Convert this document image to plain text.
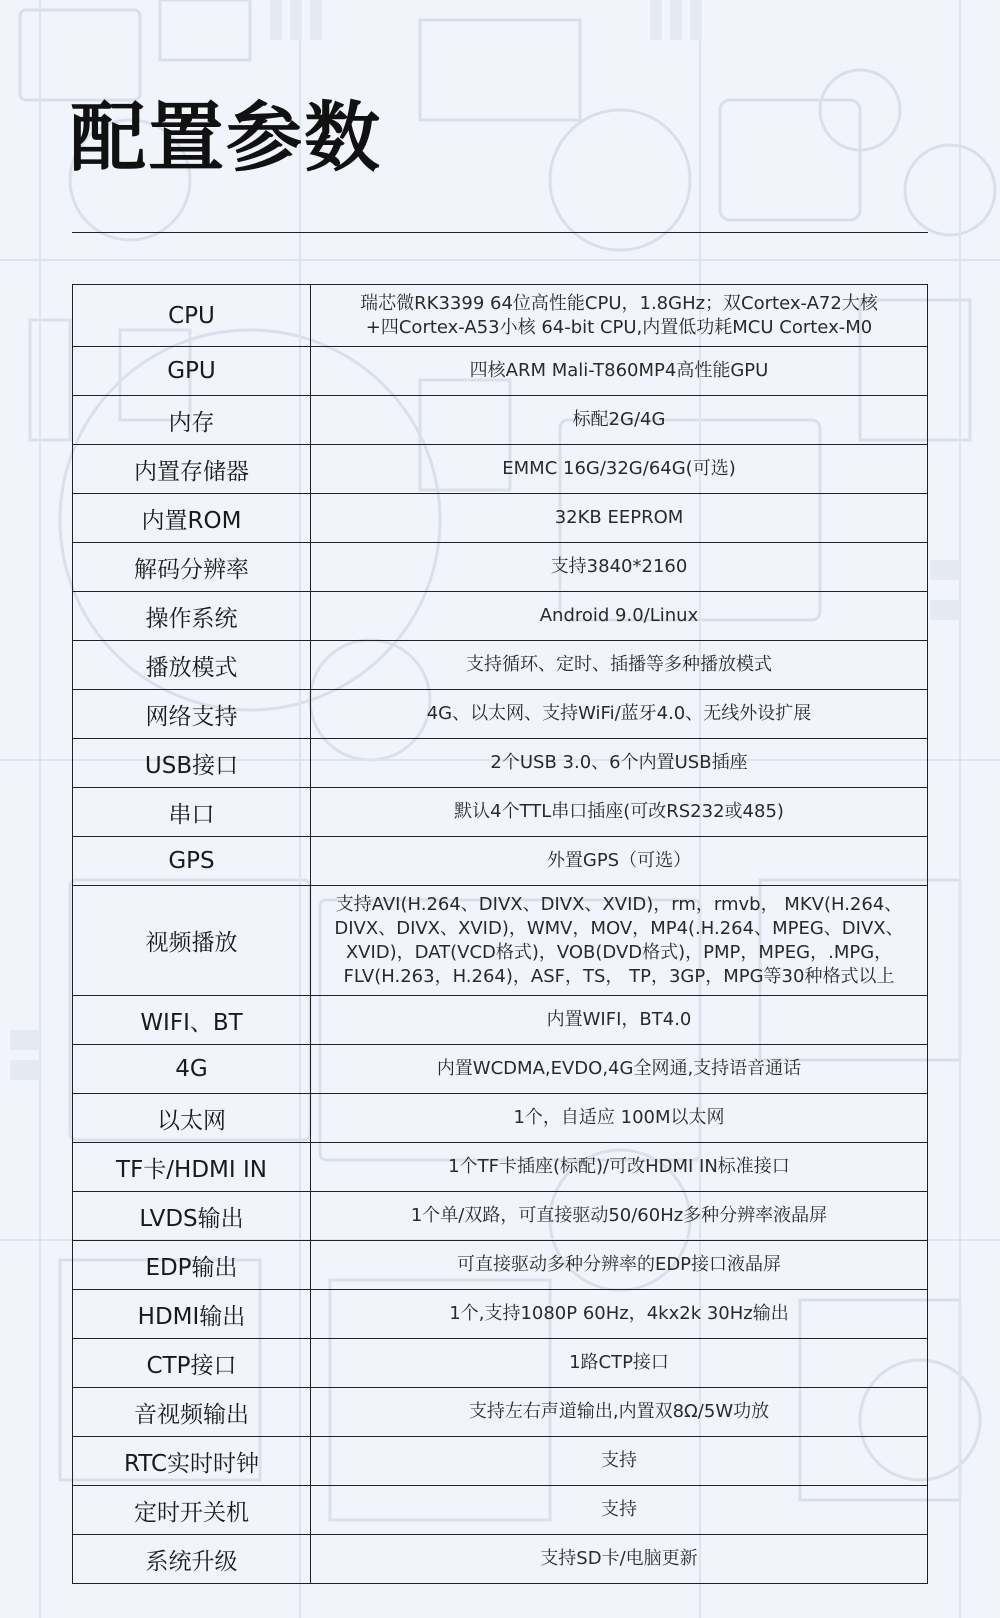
配置参数
CPU	瑞芯微RK3399 64位高性能CPU，1.8GHz；双Cortex-A72大核+四Cortex-A53小核 64-bit CPU,内置低功耗MCU Cortex-M0
GPU	四核ARM Mali-T860MP4高性能GPU
内存	标配2G/4G
内置存储器	EMMC 16G/32G/64G(可选)
内置ROM	32KB EEPROM
解码分辨率	支持3840*2160
操作系统	Android 9.0/Linux
播放模式	支持循环、定时、插播等多种播放模式
网络支持	4G、以太网、支持WiFi/蓝牙4.0、无线外设扩展
USB接口	2个USB 3.0、6个内置USB插座
串口	默认4个TTL串口插座(可改RS232或485)
GPS	外置GPS（可选）
视频播放	支持AVI(H.264、DIVX、DIVX、XVID)，rm，rmvb， MKV(H.264、DIVX、DIVX、XVID)，WMV，MOV，MP4(.H.264、MPEG、DIVX、XVID)，DAT(VCD格式)，VOB(DVD格式)，PMP，MPEG，.MPG，FLV(H.263，H.264)，ASF，TS， TP，3GP，MPG等30种格式以上
WIFI、BT	内置WIFI，BT4.0
4G	内置WCDMA,EVDO,4G全网通,支持语音通话
以太网	1个，自适应 100M以太网
TF卡/HDMI IN	1个TF卡插座(标配)/可改HDMI IN标准接口
LVDS输出	1个单/双路，可直接驱动50/60Hz多种分辨率液晶屏
EDP输出	可直接驱动多种分辨率的EDP接口液晶屏
HDMI输出	1个,支持1080P 60Hz，4kx2k 30Hz输出
CTP接口	1路CTP接口
音视频输出	支持左右声道输出,内置双8Ω/5W功放
RTC实时时钟	支持
定时开关机	支持
系统升级	支持SD卡/电脑更新
